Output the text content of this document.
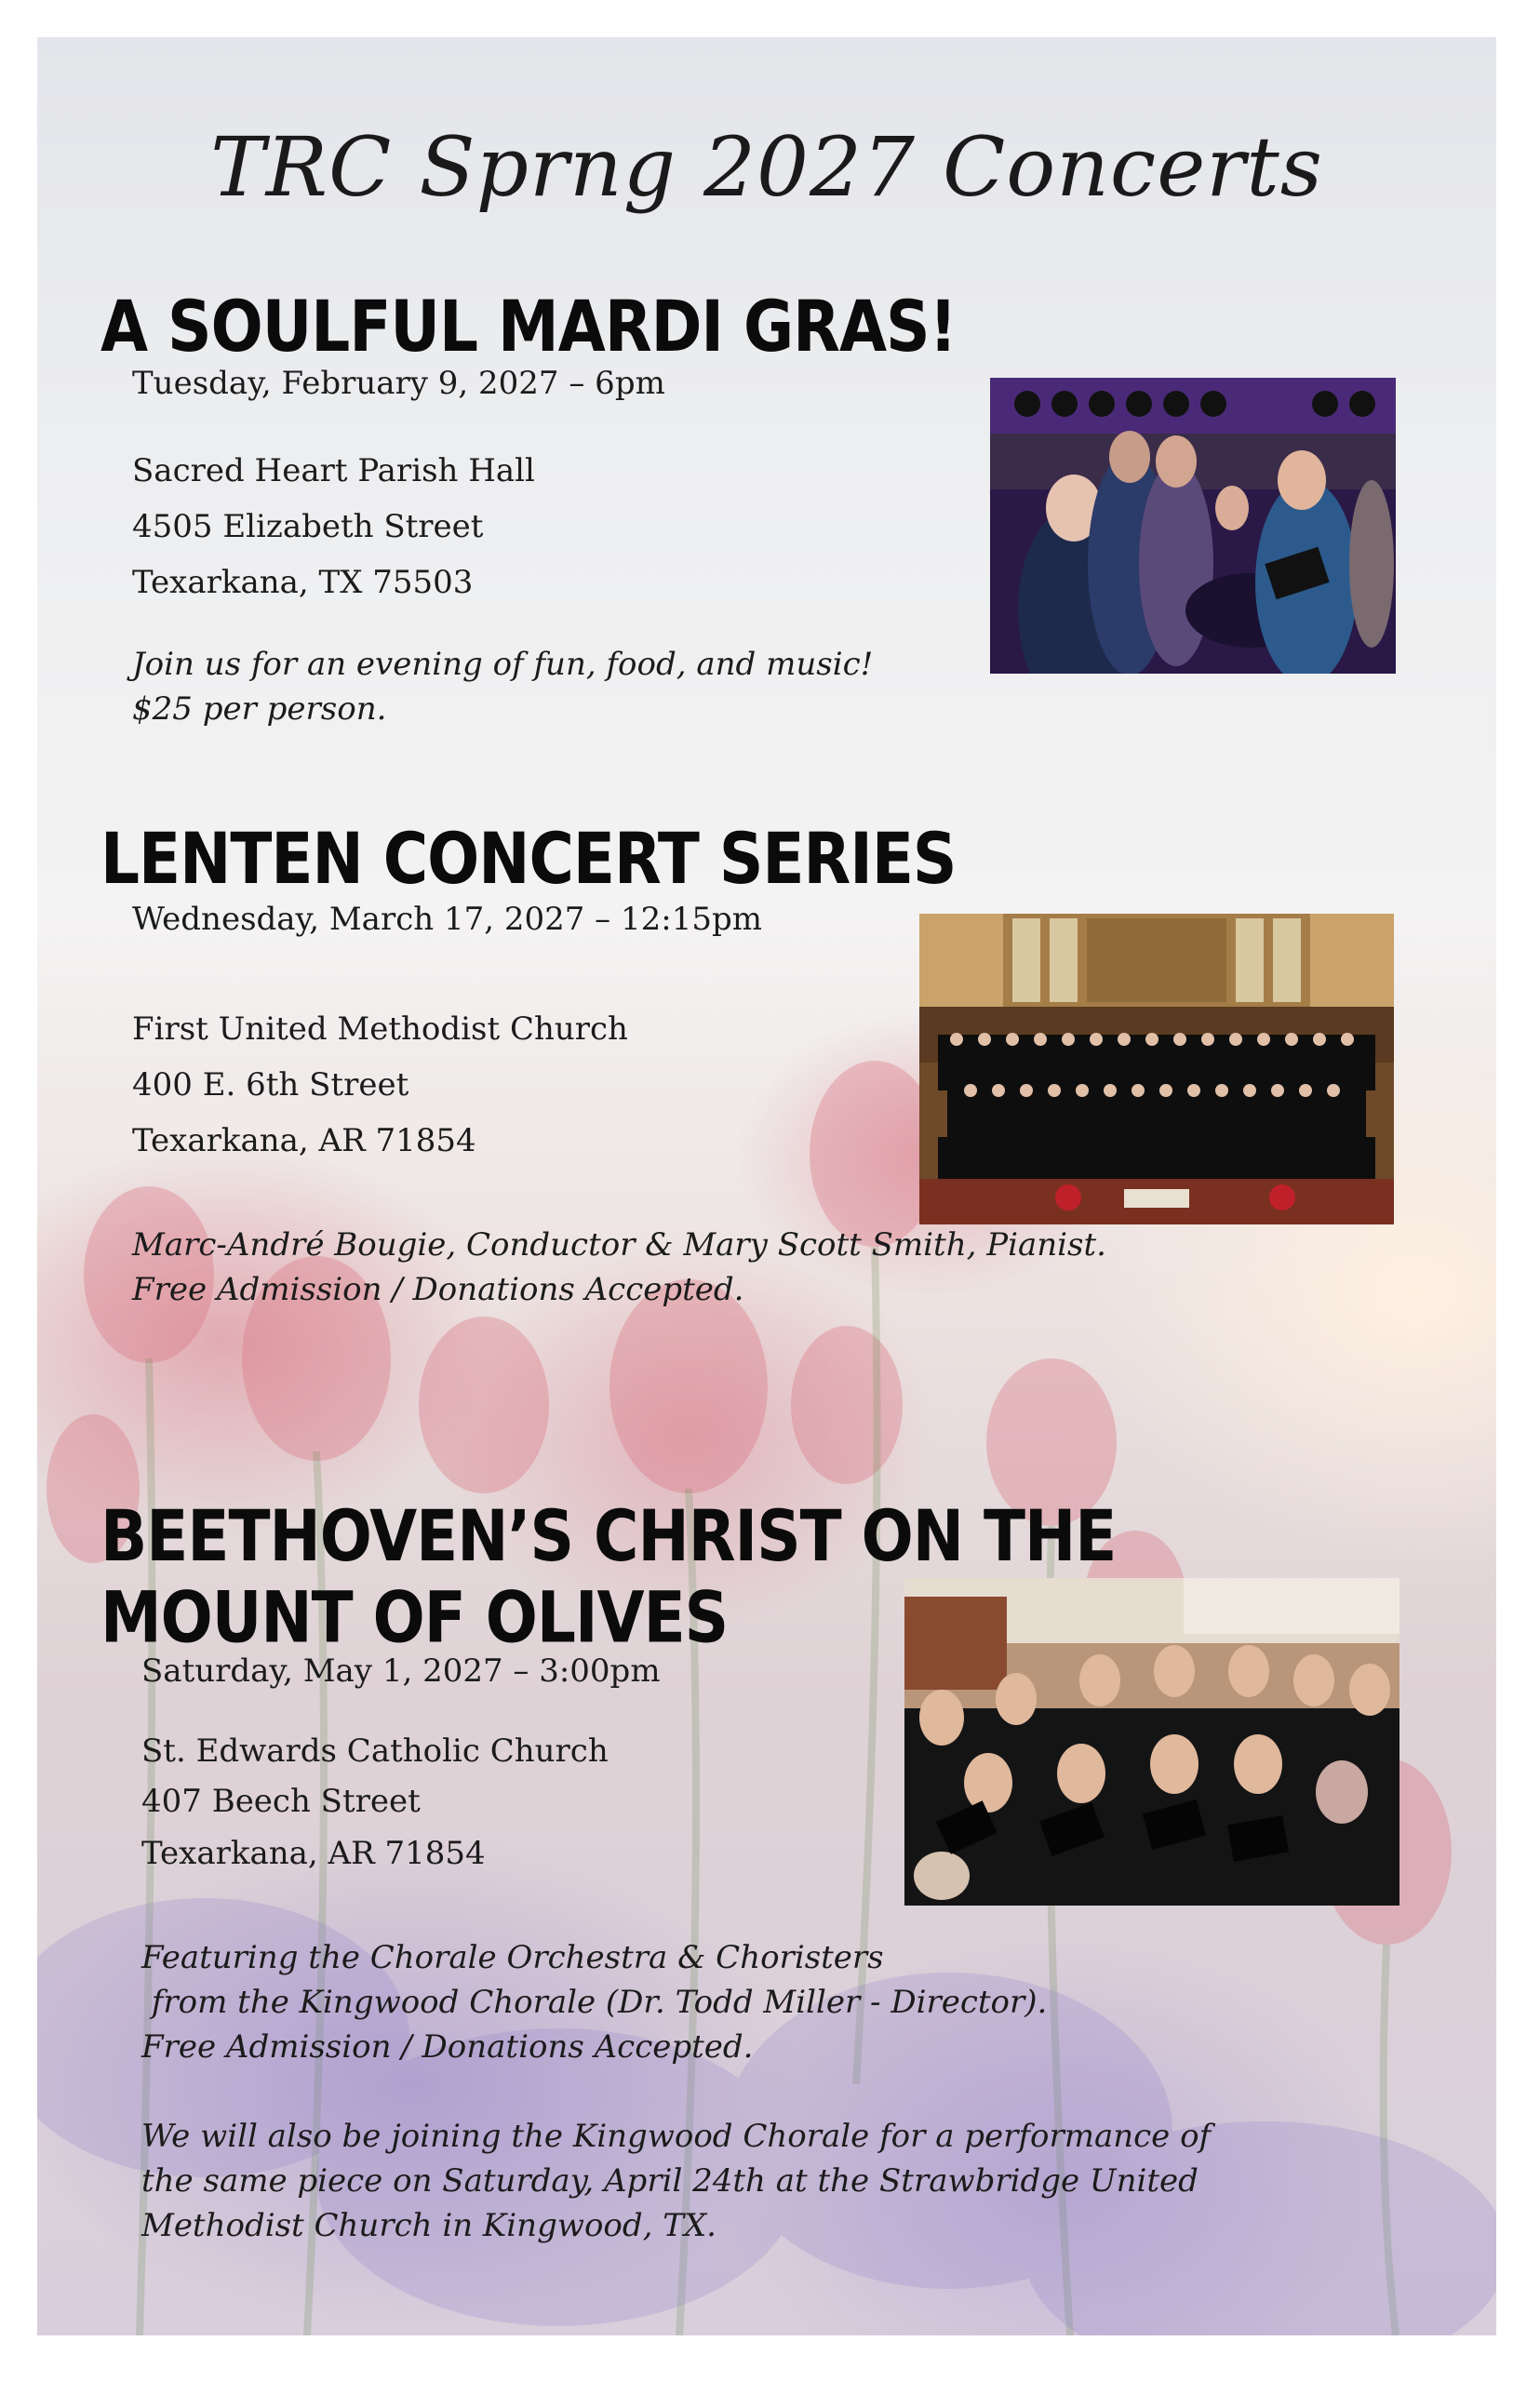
TRC Sprng 2027 Concerts
A SOULFUL MARDI GRAS!
Tuesday, February 9, 2027 – 6pm
Sacred Heart Parish Hall
4505 Elizabeth Street
Texarkana, TX 75503
Join us for an evening of fun, food, and music!
$25 per person.
LENTEN CONCERT SERIES
Wednesday, March 17, 2027 – 12:15pm
First United Methodist Church
400 E. 6th Street
Texarkana, AR 71854
Marc-André Bougie, Conductor & Mary Scott Smith, Pianist.
Free Admission / Donations Accepted.
BEETHOVEN’S CHRIST ON THE
MOUNT OF OLIVES
Saturday, May 1, 2027 – 3:00pm
St. Edwards Catholic Church
407 Beech Street
Texarkana, AR 71854
Featuring the Chorale Orchestra & Choristers
from the Kingwood Chorale (Dr. Todd Miller - Director).
Free Admission / Donations Accepted.
We will also be joining the Kingwood Chorale for a performance of
the same piece on Saturday, April 24th at the Strawbridge United
Methodist Church in Kingwood, TX.
